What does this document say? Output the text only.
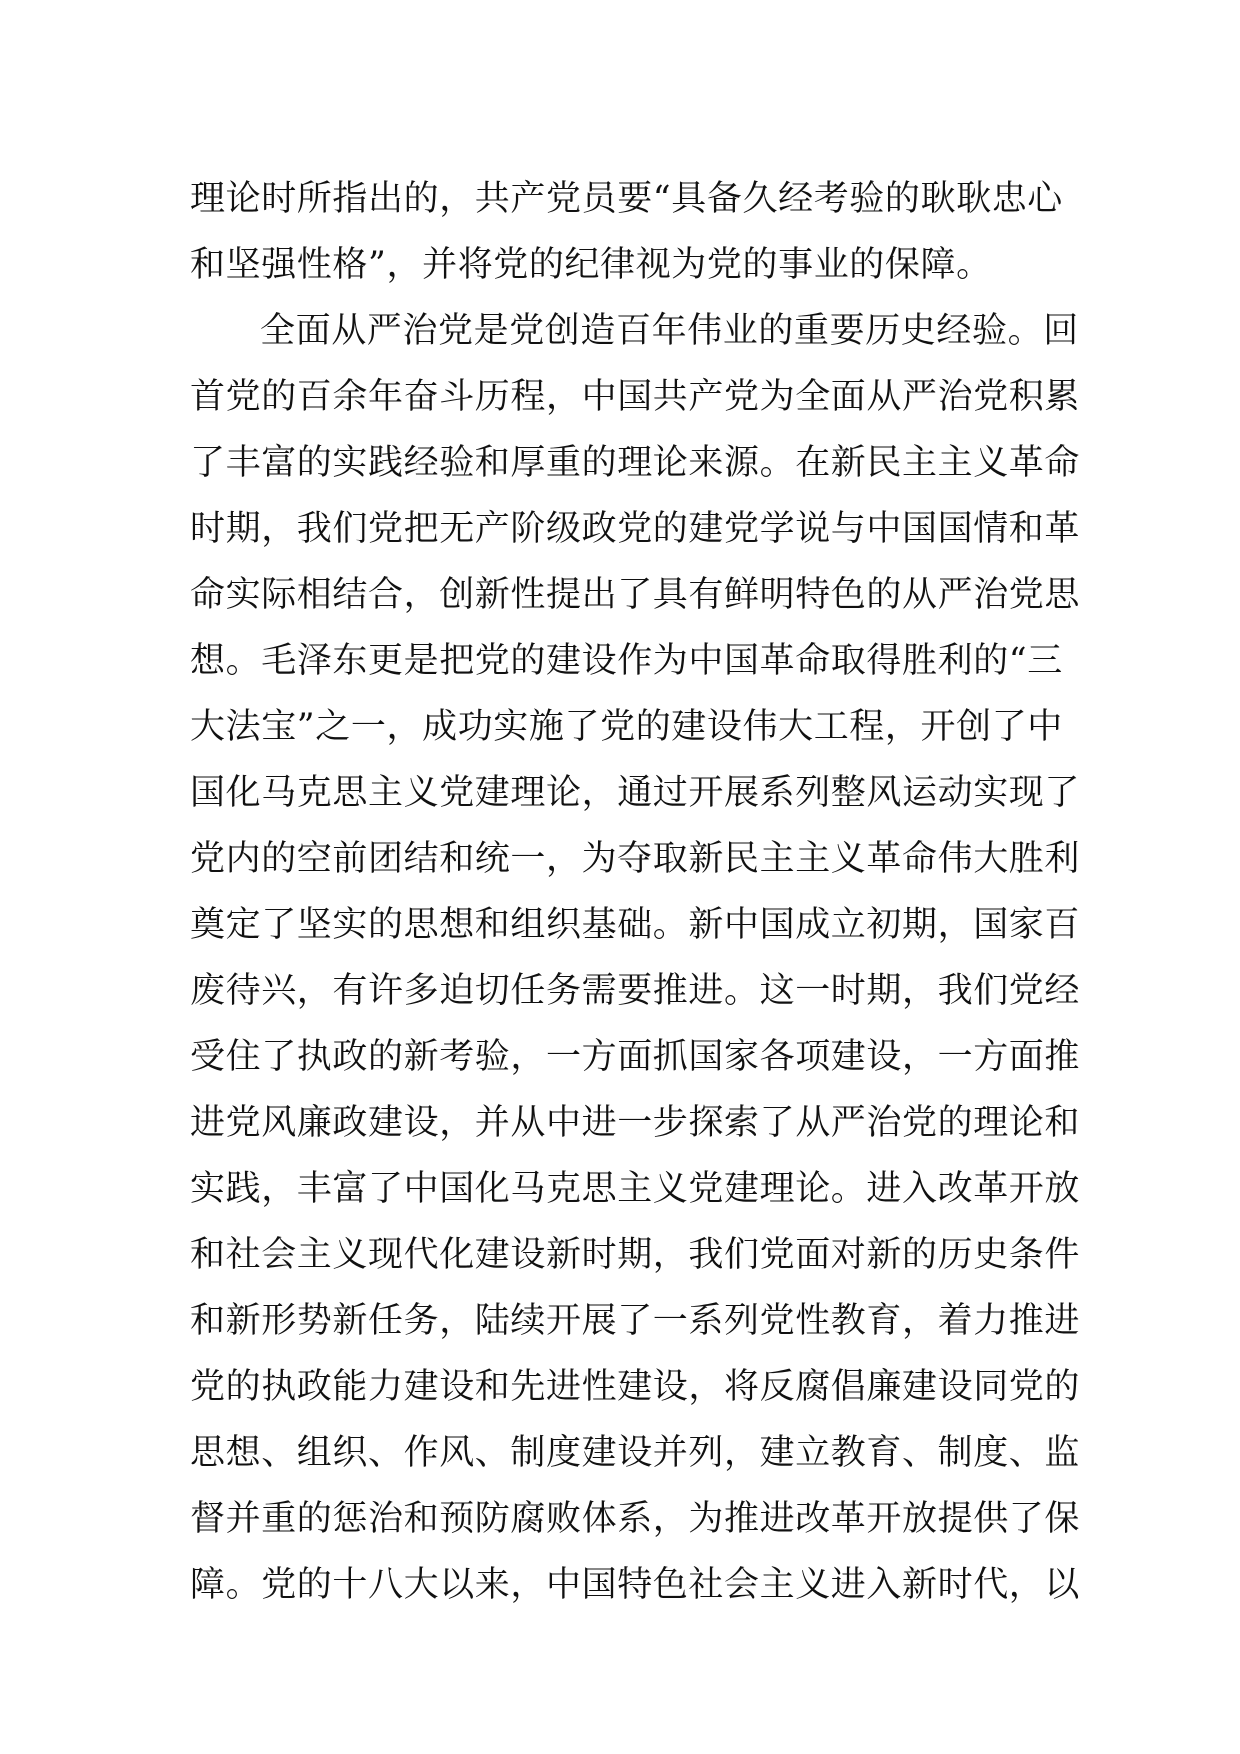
理论时所指出的，共产党员要“具备久经考验的耿耿忠心
和坚强性格”，并将党的纪律视为党的事业的保障。
全面从严治党是党创造百年伟业的重要历史经验。回
首党的百余年奋斗历程，中国共产党为全面从严治党积累
了丰富的实践经验和厚重的理论来源。在新民主主义革命
时期，我们党把无产阶级政党的建党学说与中国国情和革
命实际相结合，创新性提出了具有鲜明特色的从严治党思
想。毛泽东更是把党的建设作为中国革命取得胜利的“三
大法宝”之一，成功实施了党的建设伟大工程，开创了中
国化马克思主义党建理论，通过开展系列整风运动实现了
党内的空前团结和统一，为夺取新民主主义革命伟大胜利
奠定了坚实的思想和组织基础。新中国成立初期，国家百
废待兴，有许多迫切任务需要推进。这一时期，我们党经
受住了执政的新考验，一方面抓国家各项建设，一方面推
进党风廉政建设，并从中进一步探索了从严治党的理论和
实践，丰富了中国化马克思主义党建理论。进入改革开放
和社会主义现代化建设新时期，我们党面对新的历史条件
和新形势新任务，陆续开展了一系列党性教育，着力推进
党的执政能力建设和先进性建设，将反腐倡廉建设同党的
思想、组织、作风、制度建设并列，建立教育、制度、监
督并重的惩治和预防腐败体系，为推进改革开放提供了保
障。党的十八大以来，中国特色社会主义进入新时代，以
